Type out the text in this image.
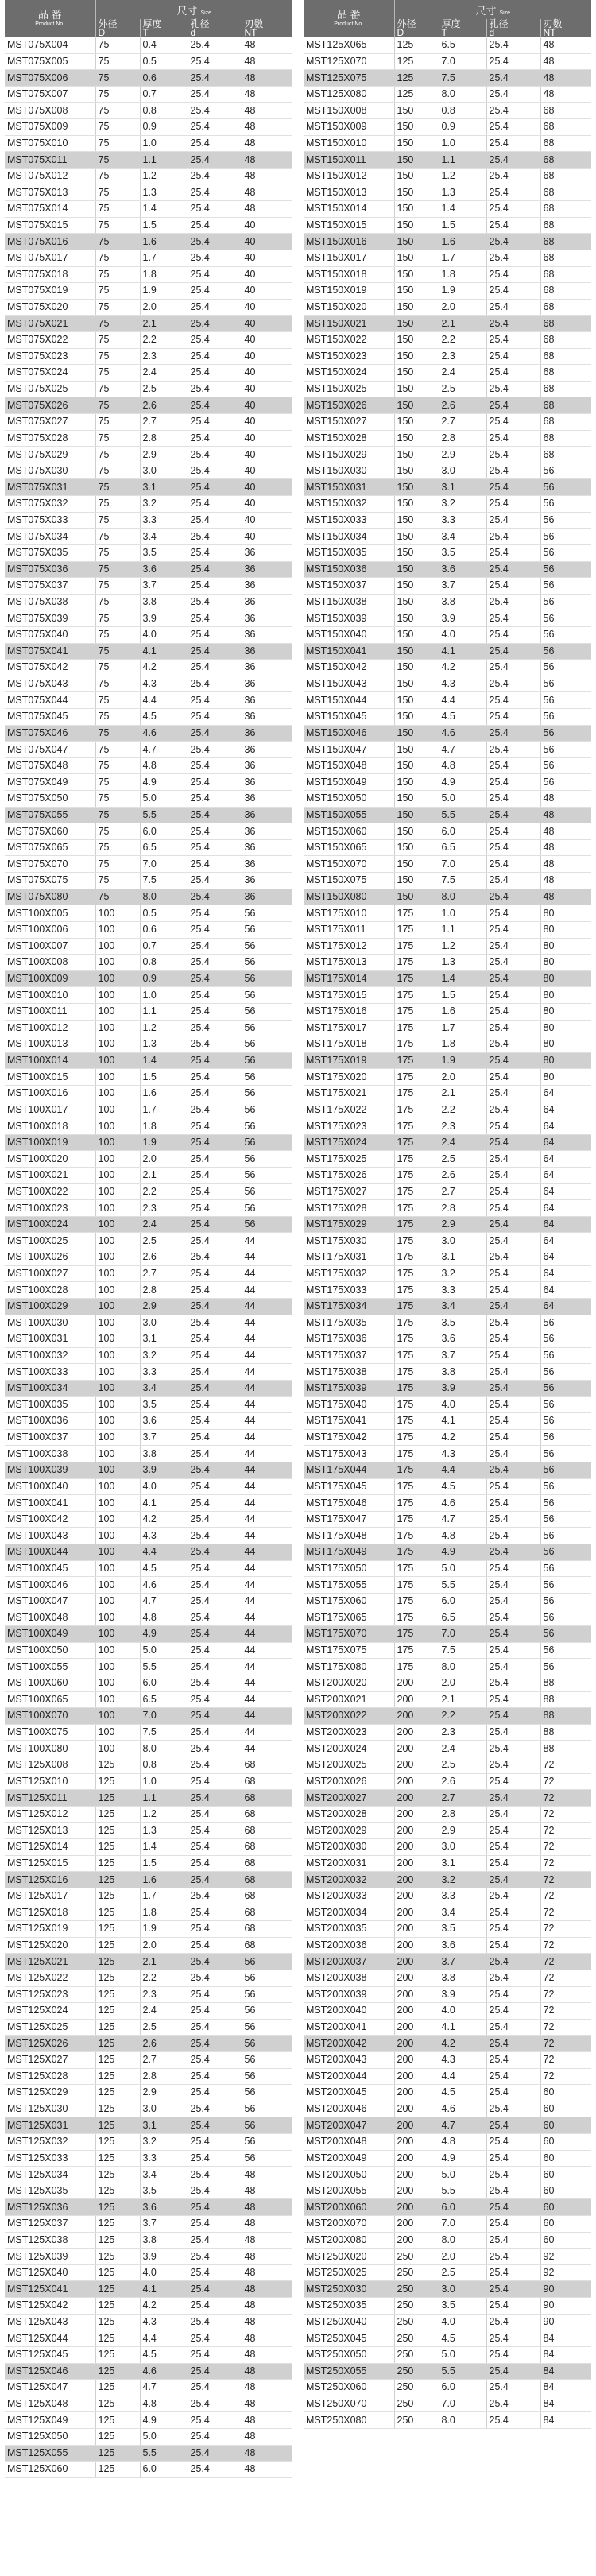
品 番
Product No.	尺寸 Size			

	外径
D	厚度
T	孔径
d	刃數
NT

MST075X004	75	0.4	25.4	48
MST075X005	75	0.5	25.4	48
MST075X006	75	0.6	25.4	48
MST075X007	75	0.7	25.4	48
MST075X008	75	0.8	25.4	48
MST075X009	75	0.9	25.4	48
MST075X010	75	1.0	25.4	48
MST075X011	75	1.1	25.4	48
MST075X012	75	1.2	25.4	48
MST075X013	75	1.3	25.4	48
MST075X014	75	1.4	25.4	48
MST075X015	75	1.5	25.4	40
MST075X016	75	1.6	25.4	40
MST075X017	75	1.7	25.4	40
MST075X018	75	1.8	25.4	40
MST075X019	75	1.9	25.4	40
MST075X020	75	2.0	25.4	40
MST075X021	75	2.1	25.4	40
MST075X022	75	2.2	25.4	40
MST075X023	75	2.3	25.4	40
MST075X024	75	2.4	25.4	40
MST075X025	75	2.5	25.4	40
MST075X026	75	2.6	25.4	40
MST075X027	75	2.7	25.4	40
MST075X028	75	2.8	25.4	40
MST075X029	75	2.9	25.4	40
MST075X030	75	3.0	25.4	40
MST075X031	75	3.1	25.4	40
MST075X032	75	3.2	25.4	40
MST075X033	75	3.3	25.4	40
MST075X034	75	3.4	25.4	40
MST075X035	75	3.5	25.4	36
MST075X036	75	3.6	25.4	36
MST075X037	75	3.7	25.4	36
MST075X038	75	3.8	25.4	36
MST075X039	75	3.9	25.4	36
MST075X040	75	4.0	25.4	36
MST075X041	75	4.1	25.4	36
MST075X042	75	4.2	25.4	36
MST075X043	75	4.3	25.4	36
MST075X044	75	4.4	25.4	36
MST075X045	75	4.5	25.4	36
MST075X046	75	4.6	25.4	36
MST075X047	75	4.7	25.4	36
MST075X048	75	4.8	25.4	36
MST075X049	75	4.9	25.4	36
MST075X050	75	5.0	25.4	36
MST075X055	75	5.5	25.4	36
MST075X060	75	6.0	25.4	36
MST075X065	75	6.5	25.4	36
MST075X070	75	7.0	25.4	36
MST075X075	75	7.5	25.4	36
MST075X080	75	8.0	25.4	36
MST100X005	100	0.5	25.4	56
MST100X006	100	0.6	25.4	56
MST100X007	100	0.7	25.4	56
MST100X008	100	0.8	25.4	56
MST100X009	100	0.9	25.4	56
MST100X010	100	1.0	25.4	56
MST100X011	100	1.1	25.4	56
MST100X012	100	1.2	25.4	56
MST100X013	100	1.3	25.4	56
MST100X014	100	1.4	25.4	56
MST100X015	100	1.5	25.4	56
MST100X016	100	1.6	25.4	56
MST100X017	100	1.7	25.4	56
MST100X018	100	1.8	25.4	56
MST100X019	100	1.9	25.4	56
MST100X020	100	2.0	25.4	56
MST100X021	100	2.1	25.4	56
MST100X022	100	2.2	25.4	56
MST100X023	100	2.3	25.4	56
MST100X024	100	2.4	25.4	56
MST100X025	100	2.5	25.4	44
MST100X026	100	2.6	25.4	44
MST100X027	100	2.7	25.4	44
MST100X028	100	2.8	25.4	44
MST100X029	100	2.9	25.4	44
MST100X030	100	3.0	25.4	44
MST100X031	100	3.1	25.4	44
MST100X032	100	3.2	25.4	44
MST100X033	100	3.3	25.4	44
MST100X034	100	3.4	25.4	44
MST100X035	100	3.5	25.4	44
MST100X036	100	3.6	25.4	44
MST100X037	100	3.7	25.4	44
MST100X038	100	3.8	25.4	44
MST100X039	100	3.9	25.4	44
MST100X040	100	4.0	25.4	44
MST100X041	100	4.1	25.4	44
MST100X042	100	4.2	25.4	44
MST100X043	100	4.3	25.4	44
MST100X044	100	4.4	25.4	44
MST100X045	100	4.5	25.4	44
MST100X046	100	4.6	25.4	44
MST100X047	100	4.7	25.4	44
MST100X048	100	4.8	25.4	44
MST100X049	100	4.9	25.4	44
MST100X050	100	5.0	25.4	44
MST100X055	100	5.5	25.4	44
MST100X060	100	6.0	25.4	44
MST100X065	100	6.5	25.4	44
MST100X070	100	7.0	25.4	44
MST100X075	100	7.5	25.4	44
MST100X080	100	8.0	25.4	44
MST125X008	125	0.8	25.4	68
MST125X010	125	1.0	25.4	68
MST125X011	125	1.1	25.4	68
MST125X012	125	1.2	25.4	68
MST125X013	125	1.3	25.4	68
MST125X014	125	1.4	25.4	68
MST125X015	125	1.5	25.4	68
MST125X016	125	1.6	25.4	68
MST125X017	125	1.7	25.4	68
MST125X018	125	1.8	25.4	68
MST125X019	125	1.9	25.4	68
MST125X020	125	2.0	25.4	68
MST125X021	125	2.1	25.4	56
MST125X022	125	2.2	25.4	56
MST125X023	125	2.3	25.4	56
MST125X024	125	2.4	25.4	56
MST125X025	125	2.5	25.4	56
MST125X026	125	2.6	25.4	56
MST125X027	125	2.7	25.4	56
MST125X028	125	2.8	25.4	56
MST125X029	125	2.9	25.4	56
MST125X030	125	3.0	25.4	56
MST125X031	125	3.1	25.4	56
MST125X032	125	3.2	25.4	56
MST125X033	125	3.3	25.4	56
MST125X034	125	3.4	25.4	48
MST125X035	125	3.5	25.4	48
MST125X036	125	3.6	25.4	48
MST125X037	125	3.7	25.4	48
MST125X038	125	3.8	25.4	48
MST125X039	125	3.9	25.4	48
MST125X040	125	4.0	25.4	48
MST125X041	125	4.1	25.4	48
MST125X042	125	4.2	25.4	48
MST125X043	125	4.3	25.4	48
MST125X044	125	4.4	25.4	48
MST125X045	125	4.5	25.4	48
MST125X046	125	4.6	25.4	48
MST125X047	125	4.7	25.4	48
MST125X048	125	4.8	25.4	48
MST125X049	125	4.9	25.4	48
MST125X050	125	5.0	25.4	48
MST125X055	125	5.5	25.4	48
MST125X060	125	6.0	25.4	48
品 番
Product No.	尺寸 Size			

	外径
D	厚度
T	孔径
d	刃數
NT

MST125X065	125	6.5	25.4	48
MST125X070	125	7.0	25.4	48
MST125X075	125	7.5	25.4	48
MST125X080	125	8.0	25.4	48
MST150X008	150	0.8	25.4	68
MST150X009	150	0.9	25.4	68
MST150X010	150	1.0	25.4	68
MST150X011	150	1.1	25.4	68
MST150X012	150	1.2	25.4	68
MST150X013	150	1.3	25.4	68
MST150X014	150	1.4	25.4	68
MST150X015	150	1.5	25.4	68
MST150X016	150	1.6	25.4	68
MST150X017	150	1.7	25.4	68
MST150X018	150	1.8	25.4	68
MST150X019	150	1.9	25.4	68
MST150X020	150	2.0	25.4	68
MST150X021	150	2.1	25.4	68
MST150X022	150	2.2	25.4	68
MST150X023	150	2.3	25.4	68
MST150X024	150	2.4	25.4	68
MST150X025	150	2.5	25.4	68
MST150X026	150	2.6	25.4	68
MST150X027	150	2.7	25.4	68
MST150X028	150	2.8	25.4	68
MST150X029	150	2.9	25.4	68
MST150X030	150	3.0	25.4	56
MST150X031	150	3.1	25.4	56
MST150X032	150	3.2	25.4	56
MST150X033	150	3.3	25.4	56
MST150X034	150	3.4	25.4	56
MST150X035	150	3.5	25.4	56
MST150X036	150	3.6	25.4	56
MST150X037	150	3.7	25.4	56
MST150X038	150	3.8	25.4	56
MST150X039	150	3.9	25.4	56
MST150X040	150	4.0	25.4	56
MST150X041	150	4.1	25.4	56
MST150X042	150	4.2	25.4	56
MST150X043	150	4.3	25.4	56
MST150X044	150	4.4	25.4	56
MST150X045	150	4.5	25.4	56
MST150X046	150	4.6	25.4	56
MST150X047	150	4.7	25.4	56
MST150X048	150	4.8	25.4	56
MST150X049	150	4.9	25.4	56
MST150X050	150	5.0	25.4	48
MST150X055	150	5.5	25.4	48
MST150X060	150	6.0	25.4	48
MST150X065	150	6.5	25.4	48
MST150X070	150	7.0	25.4	48
MST150X075	150	7.5	25.4	48
MST150X080	150	8.0	25.4	48
MST175X010	175	1.0	25.4	80
MST175X011	175	1.1	25.4	80
MST175X012	175	1.2	25.4	80
MST175X013	175	1.3	25.4	80
MST175X014	175	1.4	25.4	80
MST175X015	175	1.5	25.4	80
MST175X016	175	1.6	25.4	80
MST175X017	175	1.7	25.4	80
MST175X018	175	1.8	25.4	80
MST175X019	175	1.9	25.4	80
MST175X020	175	2.0	25.4	80
MST175X021	175	2.1	25.4	64
MST175X022	175	2.2	25.4	64
MST175X023	175	2.3	25.4	64
MST175X024	175	2.4	25.4	64
MST175X025	175	2.5	25.4	64
MST175X026	175	2.6	25.4	64
MST175X027	175	2.7	25.4	64
MST175X028	175	2.8	25.4	64
MST175X029	175	2.9	25.4	64
MST175X030	175	3.0	25.4	64
MST175X031	175	3.1	25.4	64
MST175X032	175	3.2	25.4	64
MST175X033	175	3.3	25.4	64
MST175X034	175	3.4	25.4	64
MST175X035	175	3.5	25.4	56
MST175X036	175	3.6	25.4	56
MST175X037	175	3.7	25.4	56
MST175X038	175	3.8	25.4	56
MST175X039	175	3.9	25.4	56
MST175X040	175	4.0	25.4	56
MST175X041	175	4.1	25.4	56
MST175X042	175	4.2	25.4	56
MST175X043	175	4.3	25.4	56
MST175X044	175	4.4	25.4	56
MST175X045	175	4.5	25.4	56
MST175X046	175	4.6	25.4	56
MST175X047	175	4.7	25.4	56
MST175X048	175	4.8	25.4	56
MST175X049	175	4.9	25.4	56
MST175X050	175	5.0	25.4	56
MST175X055	175	5.5	25.4	56
MST175X060	175	6.0	25.4	56
MST175X065	175	6.5	25.4	56
MST175X070	175	7.0	25.4	56
MST175X075	175	7.5	25.4	56
MST175X080	175	8.0	25.4	56
MST200X020	200	2.0	25.4	88
MST200X021	200	2.1	25.4	88
MST200X022	200	2.2	25.4	88
MST200X023	200	2.3	25.4	88
MST200X024	200	2.4	25.4	88
MST200X025	200	2.5	25.4	72
MST200X026	200	2.6	25.4	72
MST200X027	200	2.7	25.4	72
MST200X028	200	2.8	25.4	72
MST200X029	200	2.9	25.4	72
MST200X030	200	3.0	25.4	72
MST200X031	200	3.1	25.4	72
MST200X032	200	3.2	25.4	72
MST200X033	200	3.3	25.4	72
MST200X034	200	3.4	25.4	72
MST200X035	200	3.5	25.4	72
MST200X036	200	3.6	25.4	72
MST200X037	200	3.7	25.4	72
MST200X038	200	3.8	25.4	72
MST200X039	200	3.9	25.4	72
MST200X040	200	4.0	25.4	72
MST200X041	200	4.1	25.4	72
MST200X042	200	4.2	25.4	72
MST200X043	200	4.3	25.4	72
MST200X044	200	4.4	25.4	72
MST200X045	200	4.5	25.4	60
MST200X046	200	4.6	25.4	60
MST200X047	200	4.7	25.4	60
MST200X048	200	4.8	25.4	60
MST200X049	200	4.9	25.4	60
MST200X050	200	5.0	25.4	60
MST200X055	200	5.5	25.4	60
MST200X060	200	6.0	25.4	60
MST200X070	200	7.0	25.4	60
MST200X080	200	8.0	25.4	60
MST250X020	250	2.0	25.4	92
MST250X025	250	2.5	25.4	92
MST250X030	250	3.0	25.4	90
MST250X035	250	3.5	25.4	90
MST250X040	250	4.0	25.4	90
MST250X045	250	4.5	25.4	84
MST250X050	250	5.0	25.4	84
MST250X055	250	5.5	25.4	84
MST250X060	250	6.0	25.4	84
MST250X070	250	7.0	25.4	84
MST250X080	250	8.0	25.4	84
